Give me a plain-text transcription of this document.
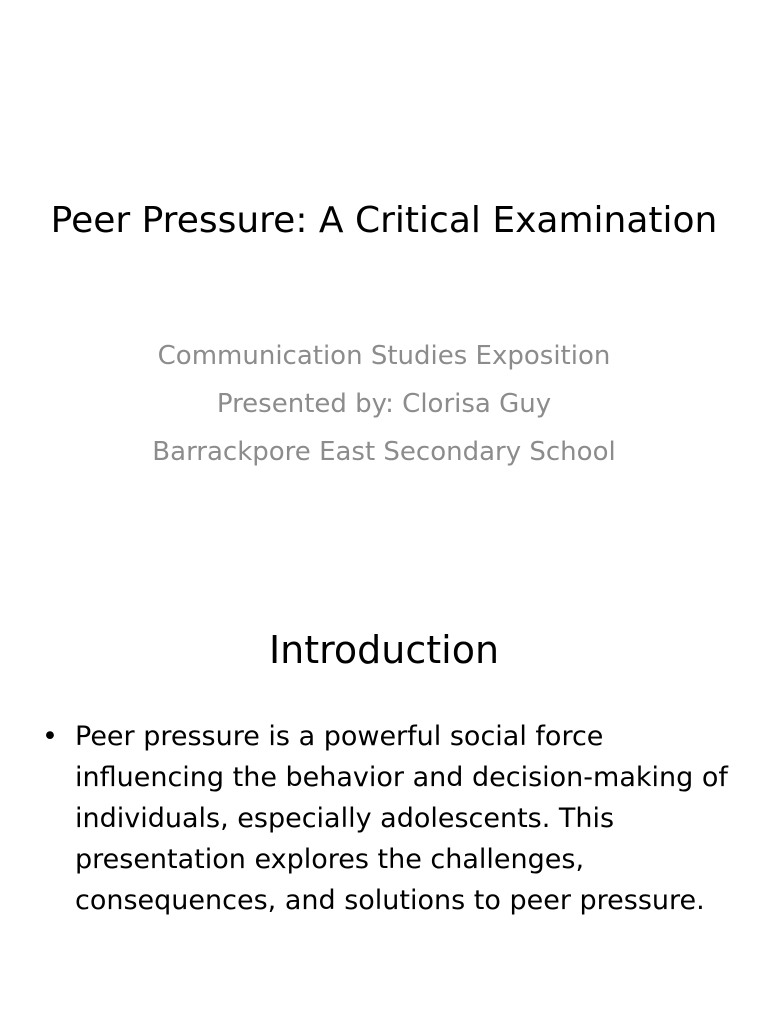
Peer Pressure: A Critical Examination
Communication Studies Exposition
Presented by: Clorisa Guy
Barrackpore East Secondary School
Introduction
• Peer pressure is a powerful social force influencing the behavior and decision-making of individuals, especially adolescents. This presentation explores the challenges, consequences, and solutions to peer pressure.
